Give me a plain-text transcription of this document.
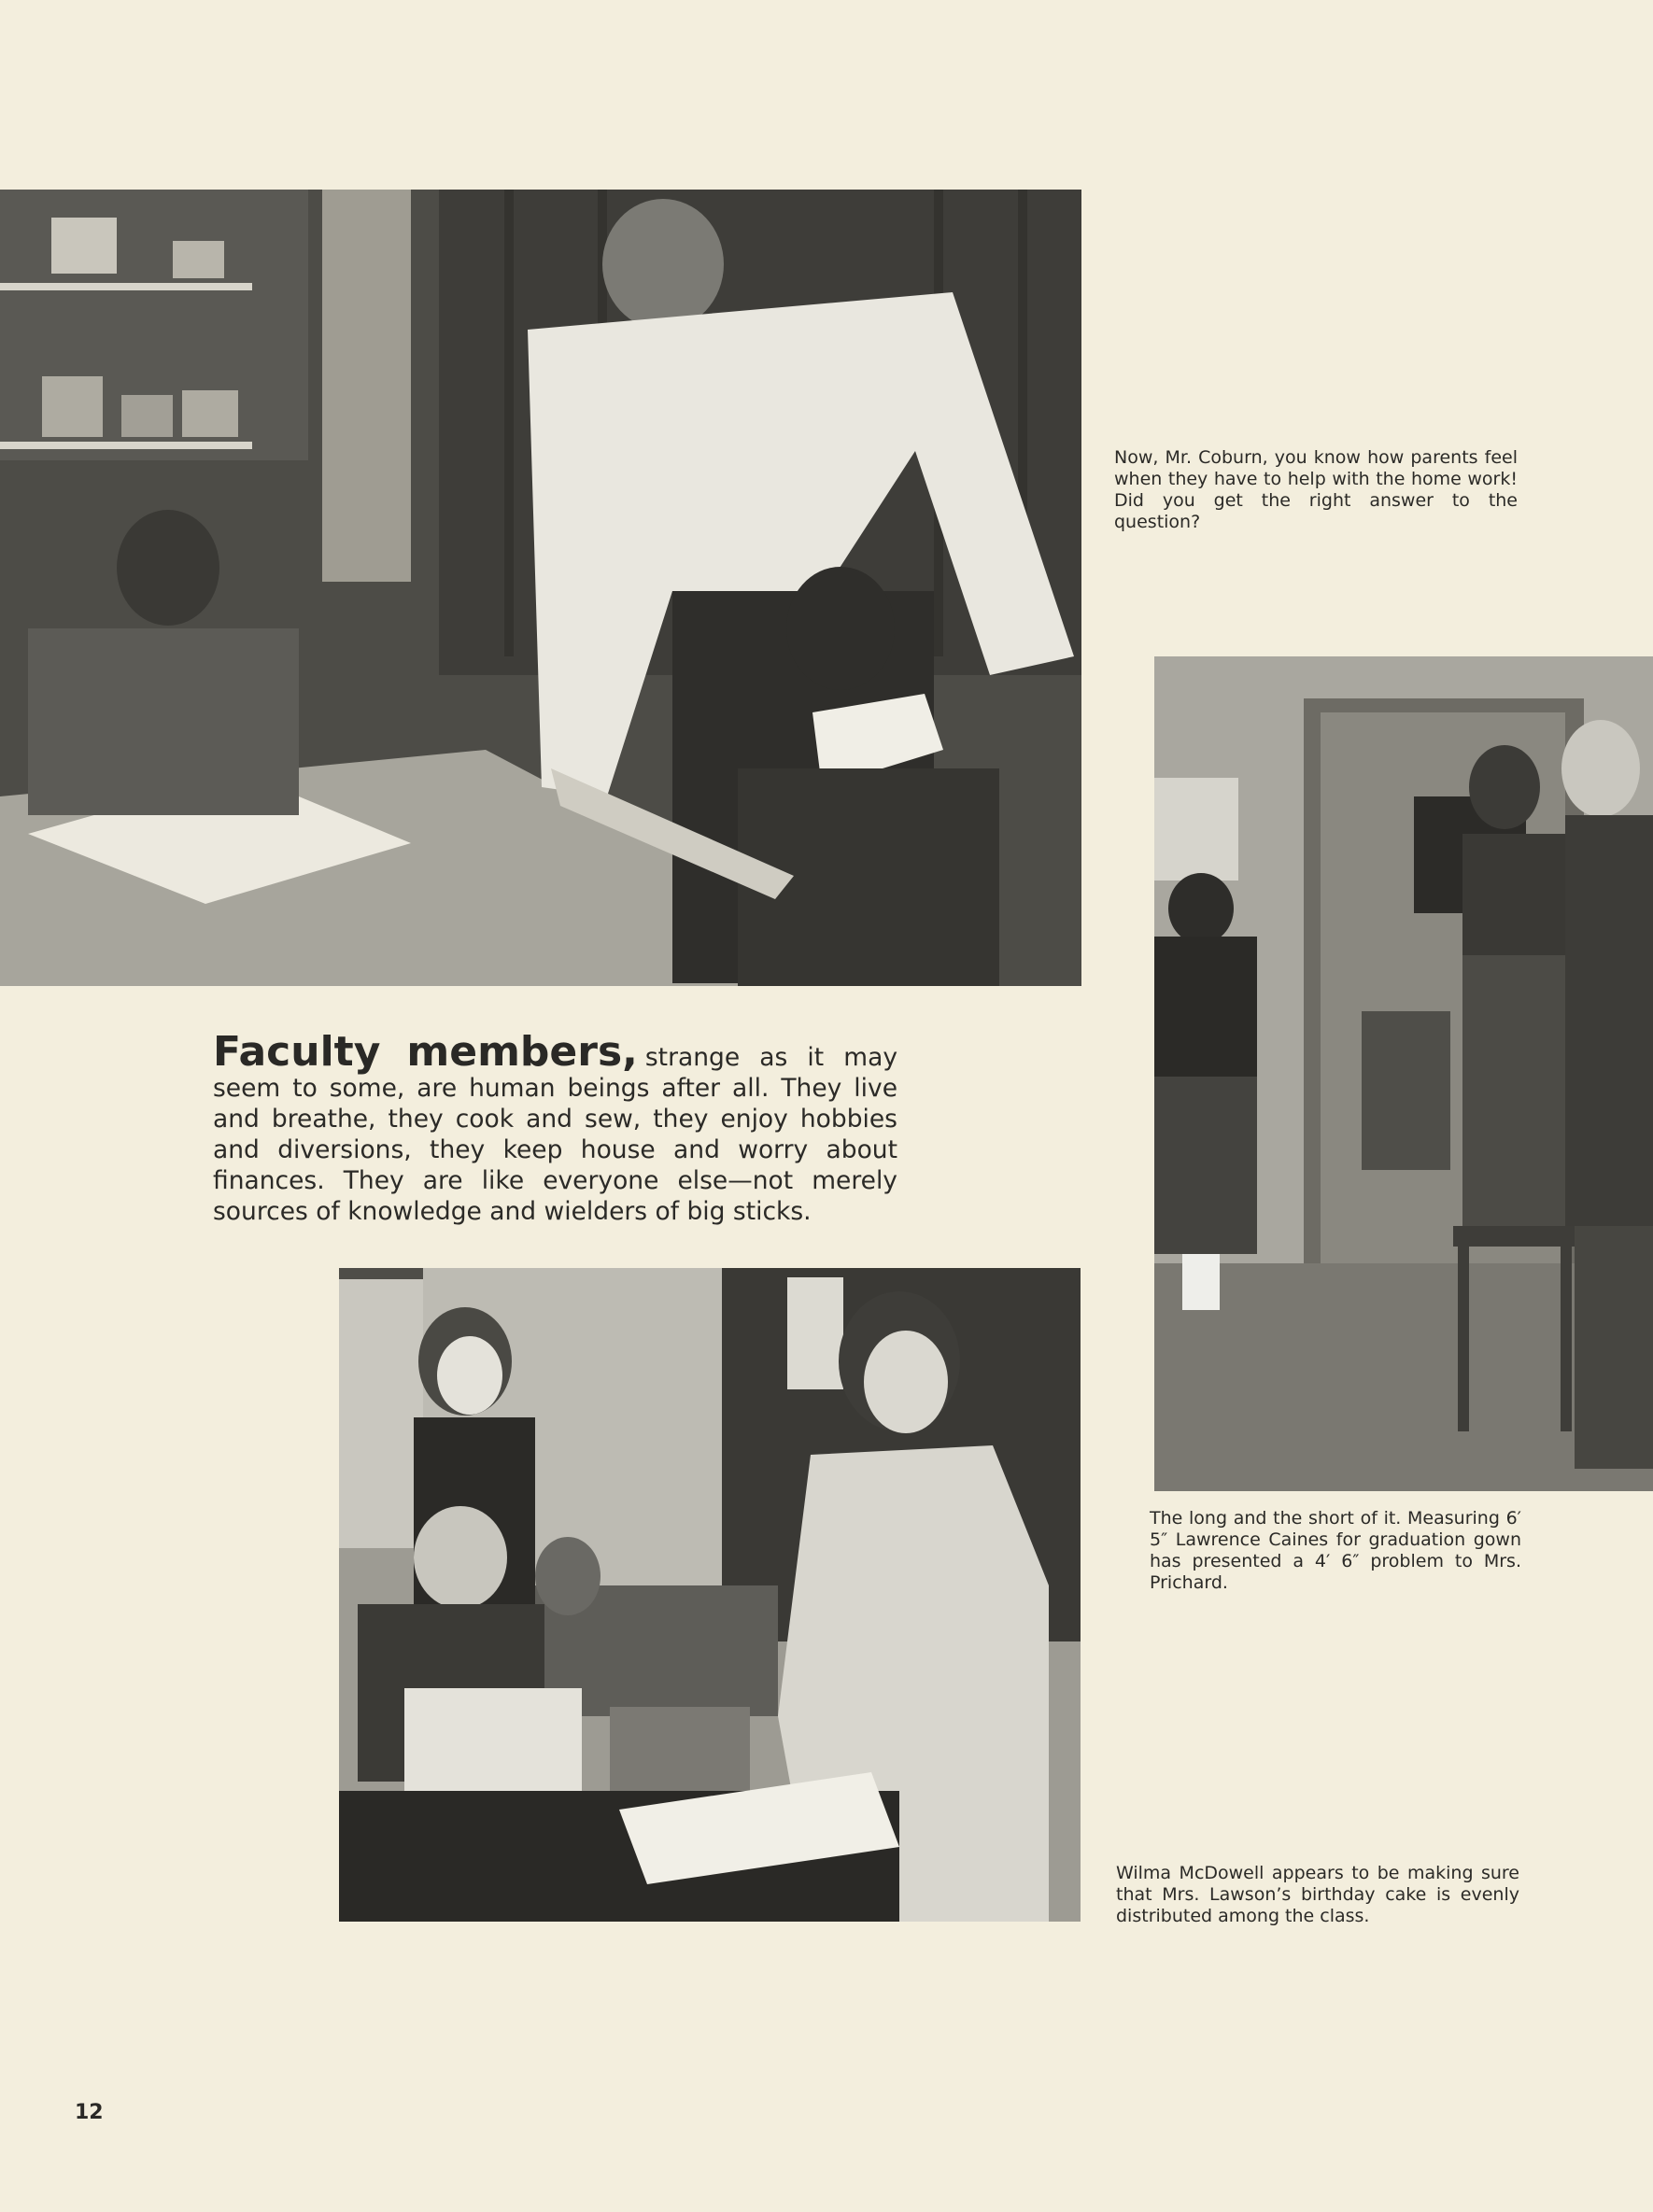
Now, Mr. Coburn, you know how parents feel when they have to help with the home work! Did you get the right answer to the question?
The long and the short of it. Measuring 6′ 5″ Lawrence Caines for graduation gown has presented a 4′ 6″ problem to Mrs. Prichard.
Faculty members, strange as it may seem to some, are human beings after all. They live and breathe, they cook and sew, they enjoy hobbies and diversions, they keep house and worry about finances. They are like everyone else—not merely sources of knowledge and wielders of big sticks.
Wilma McDowell appears to be making sure that Mrs. Lawson’s birthday cake is evenly distributed among the class.
12
